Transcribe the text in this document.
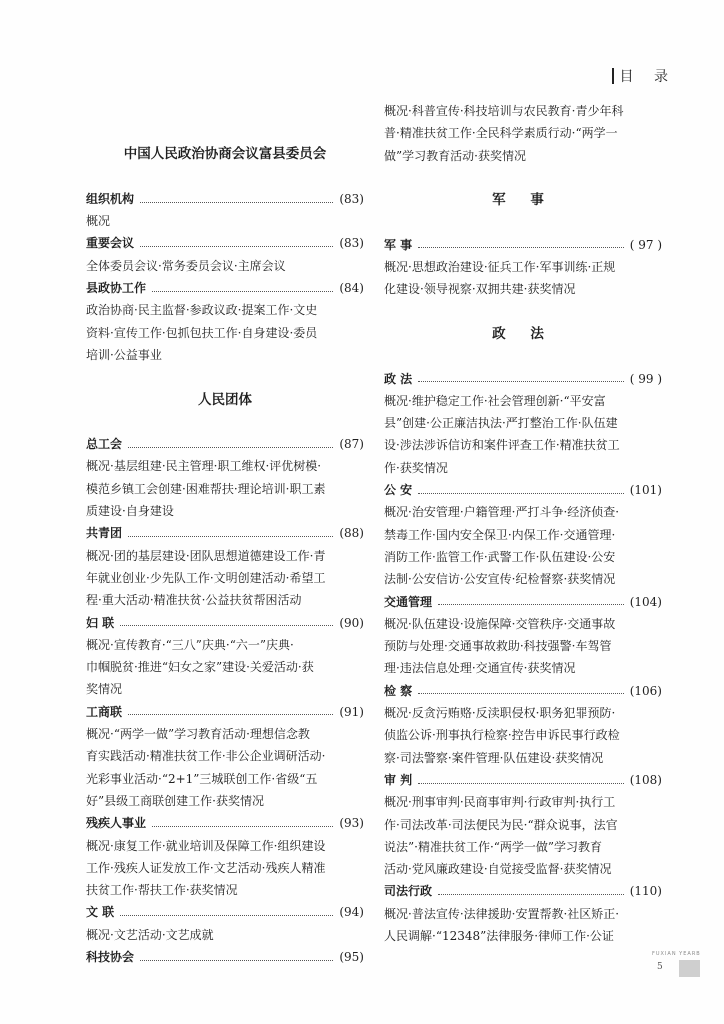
目 录
中国人民政治协商会议富县委员会
组织机构	(83)
概况
重要会议	(83)
全体委员会议·常务委员会议·主席会议
县政协工作	(84)
政治协商·民主监督·参政议政·提案工作·文史
资料·宣传工作·包抓包扶工作·自身建设·委员
培训·公益事业
人民团体
总工会	(87)
概况·基层组建·民主管理·职工维权·评优树模·
模范乡镇工会创建·困难帮扶·理论培训·职工素
质建设·自身建设
共青团	(88)
概况·团的基层建设·团队思想道德建设工作·青
年就业创业·少先队工作·文明创建活动·希望工
程·重大活动·精准扶贫·公益扶贫帮困活动
妇 联	(90)
概况·宣传教育·“三八”庆典·“六一”庆典·
巾帼脱贫·推进“妇女之家”建设·关爱活动·获
奖情况
工商联	(91)
概况·“两学一做”学习教育活动·理想信念教
育实践活动·精准扶贫工作·非公企业调研活动·
光彩事业活动·“2+1”三城联创工作·省级“五
好”县级工商联创建工作·获奖情况
残疾人事业	(93)
概况·康复工作·就业培训及保障工作·组织建设
工作·残疾人证发放工作·文艺活动·残疾人精准
扶贫工作·帮扶工作·获奖情况
文 联	(94)
概况·文艺活动·文艺成就
科技协会	(95)
概况·科普宣传·科技培训与农民教育·青少年科
普·精准扶贫工作·全民科学素质行动·“两学一
做”学习教育活动·获奖情况
军 事
军 事	( 97 )
概况·思想政治建设·征兵工作·军事训练·正规
化建设·领导视察·双拥共建·获奖情况
政 法
政 法	( 99 )
概况·维护稳定工作·社会管理创新·“平安富
县”创建·公正廉洁执法·严打整治工作·队伍建
设·涉法涉诉信访和案件评查工作·精准扶贫工
作·获奖情况
公 安	(101)
概况·治安管理·户籍管理·严打斗争·经济侦查·
禁毒工作·国内安全保卫·内保工作·交通管理·
消防工作·监管工作·武警工作·队伍建设·公安
法制·公安信访·公安宣传·纪检督察·获奖情况
交通管理	(104)
概况·队伍建设·设施保障·交管秩序·交通事故
预防与处理·交通事故救助·科技强警·车驾管
理·违法信息处理·交通宣传·获奖情况
检 察	(106)
概况·反贪污贿赂·反渎职侵权·职务犯罪预防·
侦监公诉·刑事执行检察·控告申诉民事行政检
察·司法警察·案件管理·队伍建设·获奖情况
审 判	(108)
概况·刑事审判·民商事审判·行政审判·执行工
作·司法改革·司法便民为民·“群众说事，法官
说法”·精准扶贫工作·“两学一做”学习教育
活动·党风廉政建设·自觉接受监督·获奖情况
司法行政	(110)
概况·普法宣传·法律援助·安置帮教·社区矫正·
人民调解·“12348”法律服务·律师工作·公证
FUXIAN YEARB
5
